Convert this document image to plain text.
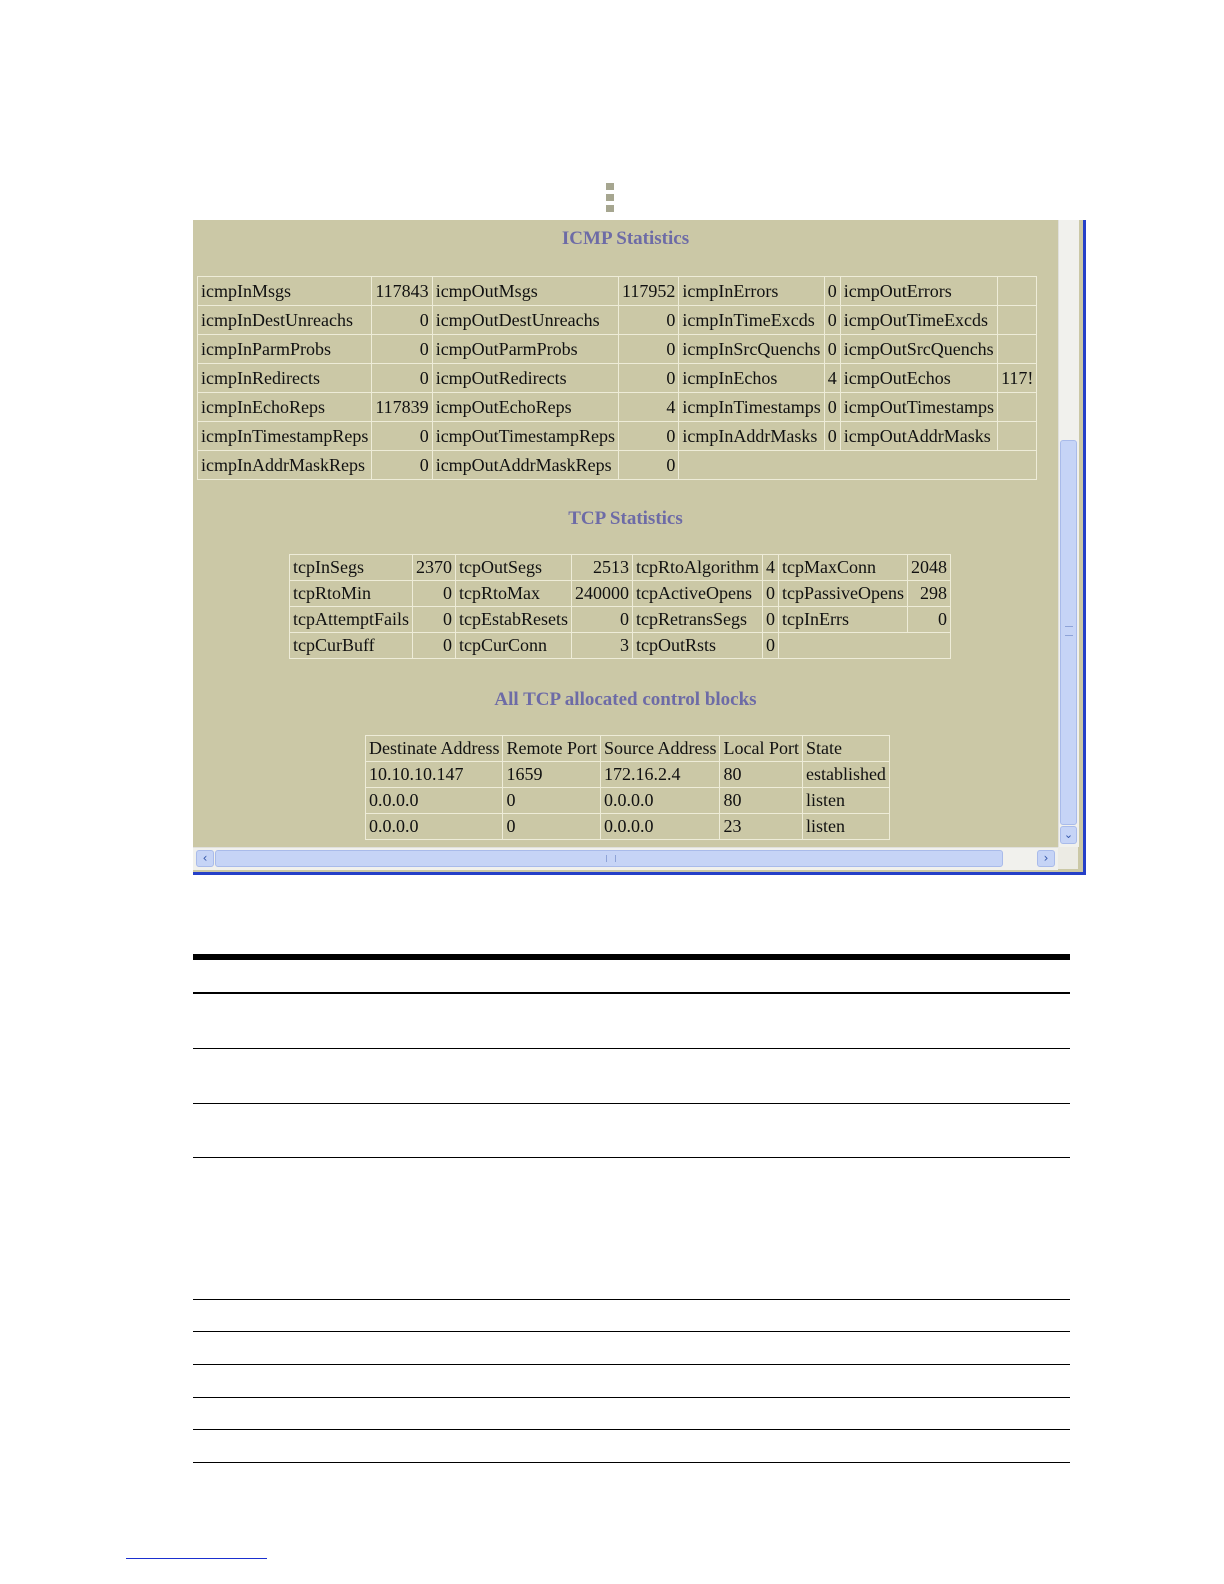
ICMP Statistics
icmpInMsgs	117843	icmpOutMsgs	117952	icmpInErrors	0	icmpOutErrors	
icmpInDestUnreachs	0	icmpOutDestUnreachs	0	icmpInTimeExcds	0	icmpOutTimeExcds	
icmpInParmProbs	0	icmpOutParmProbs	0	icmpInSrcQuenchs	0	icmpOutSrcQuenchs	
icmpInRedirects	0	icmpOutRedirects	0	icmpInEchos	4	icmpOutEchos	117!
icmpInEchoReps	117839	icmpOutEchoReps	4	icmpInTimestamps	0	icmpOutTimestamps	
icmpInTimestampReps	0	icmpOutTimestampReps	0	icmpInAddrMasks	0	icmpOutAddrMasks	
icmpInAddrMaskReps	0	icmpOutAddrMaskReps	0				
TCP Statistics
tcpInSegs	2370	tcpOutSegs	2513	tcpRtoAlgorithm	4	tcpMaxConn	2048
tcpRtoMin	0	tcpRtoMax	240000	tcpActiveOpens	0	tcpPassiveOpens	298
tcpAttemptFails	0	tcpEstabResets	0	tcpRetransSegs	0	tcpInErrs	0
tcpCurBuff	0	tcpCurConn	3	tcpOutRsts	0		
All TCP allocated control blocks
Destinate Address	Remote Port	Source Address	Local Port	State
10.10.10.147	1659	172.16.2.4	80	established
0.0.0.0	0	0.0.0.0	80	listen
0.0.0.0	0	0.0.0.0	23	listen	⌄
‹	›
